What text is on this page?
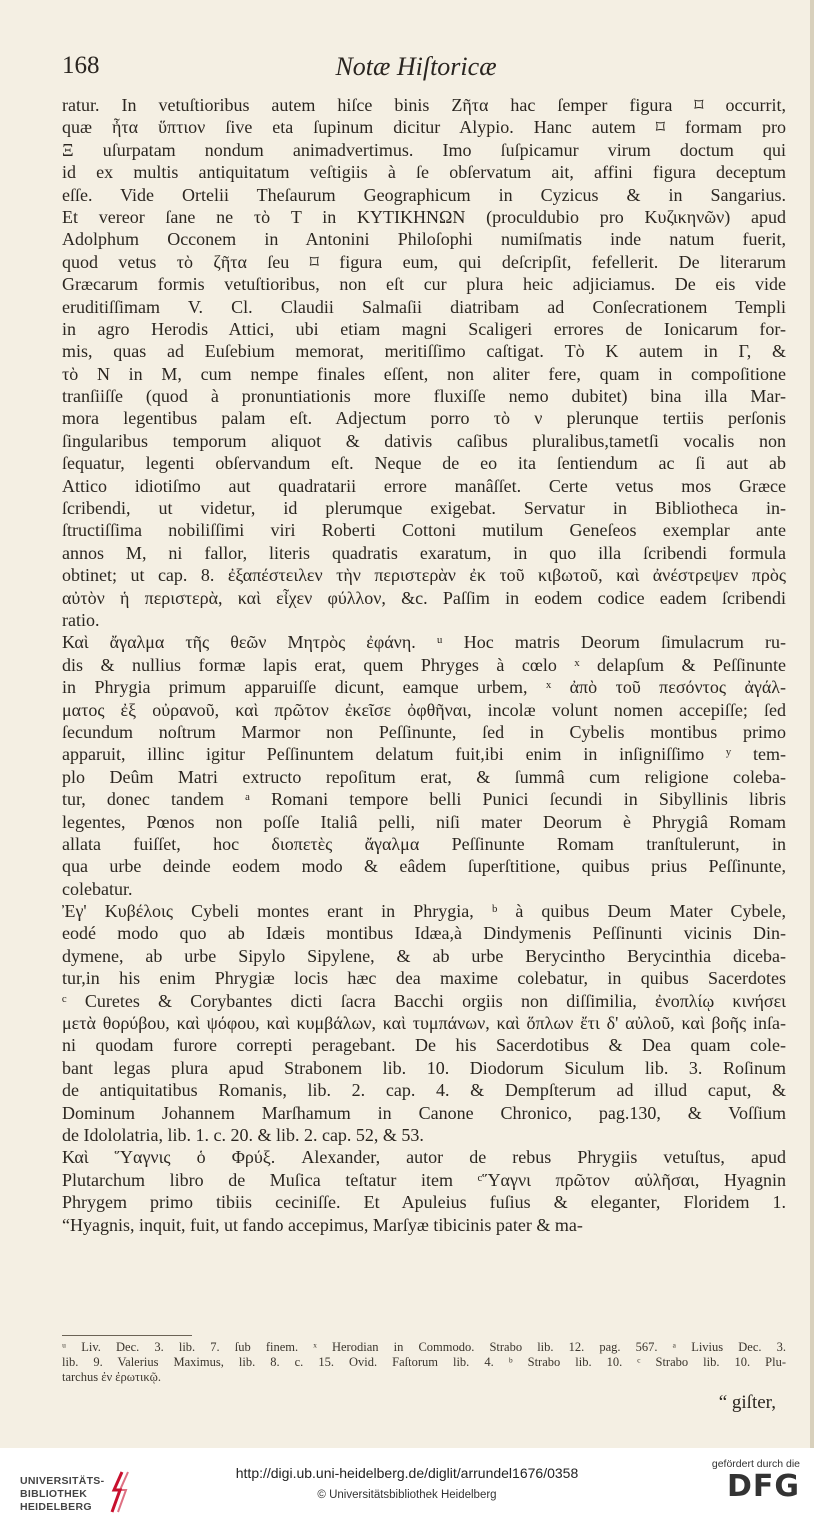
168	Notæ Hiſtoricæ
ratur. In vetuſtioribus autem hiſce binis Ζῆτα hac ſemper figura ⌑ occurrit,
quæ ἦτα ὕπτιον ſive eta ſupinum dicitur Alypio. Hanc autem ⌑ formam pro
Ξ uſurpatam nondum animadvertimus. Imo ſuſpicamur virum doctum qui
id ex multis antiquitatum veſtigiis à ſe obſervatum ait, affini figura deceptum
eſſe. Vide Ortelii Theſaurum Geographicum in Cyzicus & in Sangarius.
Et vereor ſane ne τὸ T in KYTIKHNΩN (proculdubio pro Κυζικηνῶν) apud
Adolphum Occonem in Antonini Philoſophi numiſmatis inde natum fuerit,
quod vetus τὸ ζῆτα ſeu ⌑ figura eum, qui deſcripſit, fefellerit. De literarum
Græcarum formis vetuſtioribus, non eſt cur plura heic adjiciamus. De eis vide
eruditiſſimam V. Cl. Claudii Salmaſii diatribam ad Conſecrationem Templi
in agro Herodis Attici, ubi etiam magni Scaligeri errores de Ionicarum for-
mis, quas ad Euſebium memorat, meritiſſimo caſtigat. Τὸ K autem in Γ, &
τὸ N in M, cum nempe finales eſſent, non aliter fere, quam in compoſitione
tranſiiſſe (quod à pronuntiationis more fluxiſſe nemo dubitet) bina illa Mar-
mora legentibus palam eſt. Adjectum porro τὸ ν plerunque tertiis perſonis
ſingularibus temporum aliquot & dativis caſibus pluralibus,tametſi vocalis non
ſequatur, legenti obſervandum eſt. Neque de eo ita ſentiendum ac ſi aut ab
Attico idiotiſmo aut quadratarii errore manâſſet. Certe vetus mos Græce
ſcribendi, ut videtur, id plerumque exigebat. Servatur in Bibliotheca in-
ſtructiſſima nobiliſſimi viri Roberti Cottoni mutilum Geneſeos exemplar ante
annos M, ni fallor, literis quadratis exaratum, in quo illa ſcribendi formula
obtinet; ut cap. 8. ἐξαπέστειλεν τὴν περιστερὰν ἐκ τοῦ κιβωτοῦ, καὶ ἀνέστρεψεν πρὸς
αὐτὸν ἡ περιστερὰ, καὶ εἶχεν φύλλον, &c. Paſſim in eodem codice eadem ſcribendi
ratio.
Καὶ ἄγαλμα τῆς θεῶν Μητρὸς ἐφάνη. ᵘ Hoc matris Deorum ſimulacrum ru-
dis & nullius formæ lapis erat, quem Phryges à cœlo ˣ delapſum & Peſſinunte
in Phrygia primum apparuiſſe dicunt, eamque urbem, ˣ ἀπὸ τοῦ πεσόντος ἀγάλ-
ματος ἐξ οὐρανοῦ, καὶ πρῶτον ἐκεῖσε ὀφθῆναι, incolæ volunt nomen accepiſſe; ſed
ſecundum noſtrum Marmor non Peſſinunte, ſed in Cybelis montibus primo
apparuit, illinc igitur Peſſinuntem delatum fuit,ibi enim in inſigniſſimo ʸ tem-
plo Deûm Matri extructo repoſitum erat, & ſummâ cum religione coleba-
tur, donec tandem ᵃ Romani tempore belli Punici ſecundi in Sibyllinis libris
legentes, Pœnos non poſſe Italiâ pelli, niſi mater Deorum è Phrygiâ Romam
allata fuiſſet, hoc διοπετὲς ἄγαλμα Peſſinunte Romam tranſtulerunt, in
qua urbe deinde eodem modo & eâdem ſuperſtitione, quibus prius Peſſinunte,
colebatur.
Ἐγ' Κυβέλοις Cybeli montes erant in Phrygia, ᵇ à quibus Deum Mater Cybele,
eodé modo quo ab Idæis montibus Idæa,à Dindymenis Peſſinunti vicinis Din-
dymene, ab urbe Sipylo Sipylene, & ab urbe Berycintho Berycinthia diceba-
tur,in his enim Phrygiæ locis hæc dea maxime colebatur, in quibus Sacerdotes
ᶜ Curetes & Corybantes dicti ſacra Bacchi orgiis non diſſimilia, ἐνοπλίῳ κινήσει
μετὰ θορύβου, καὶ ψόφου, καὶ κυμβάλων, καὶ τυμπάνων, καὶ ὅπλων ἔτι δ' αὐλοῦ, καὶ βοῆς inſa-
ni quodam furore correpti peragebant. De his Sacerdotibus & Dea quam cole-
bant legas plura apud Strabonem lib. 10. Diodorum Siculum lib. 3. Roſinum
de antiquitatibus Romanis, lib. 2. cap. 4. & Dempſterum ad illud caput, &
Dominum Johannem Marſhamum in Canone Chronico, pag.130, & Voſſium
de Idololatria, lib. 1. c. 20. & lib. 2. cap. 52, & 53.
Καὶ Ὕαγνις ὁ Φρύξ. Alexander, autor de rebus Phrygiis vetuſtus, apud
Plutarchum libro de Muſica teſtatur item ᶜὝαγνι πρῶτον αὐλῆσαι, Hyagnin
Phrygem primo tibiis ceciniſſe. Et Apuleius fuſius & eleganter, Floridem 1.
“Hyagnis, inquit, fuit, ut fando accepimus, Marſyæ tibicinis pater & ma-
ᵘ Liv. Dec. 3. lib. 7. ſub finem. ˣ Herodian in Commodo. Strabo lib. 12. pag. 567. ᵃ Livius Dec. 3.
lib. 9. Valerius Maximus, lib. 8. c. 15. Ovid. Faſtorum lib. 4. ᵇ Strabo lib. 10. ᶜ Strabo lib. 10. Plu-
tarchus ἐν ἐρωτικῷ.
“ giſter,
UNIVERSITÄTS-
BIBLIOTHEK
HEIDELBERG
http://digi.ub.uni-heidelberg.de/diglit/arrundel1676/0358
© Universitätsbibliothek Heidelberg
gefördert durch die
DFG
